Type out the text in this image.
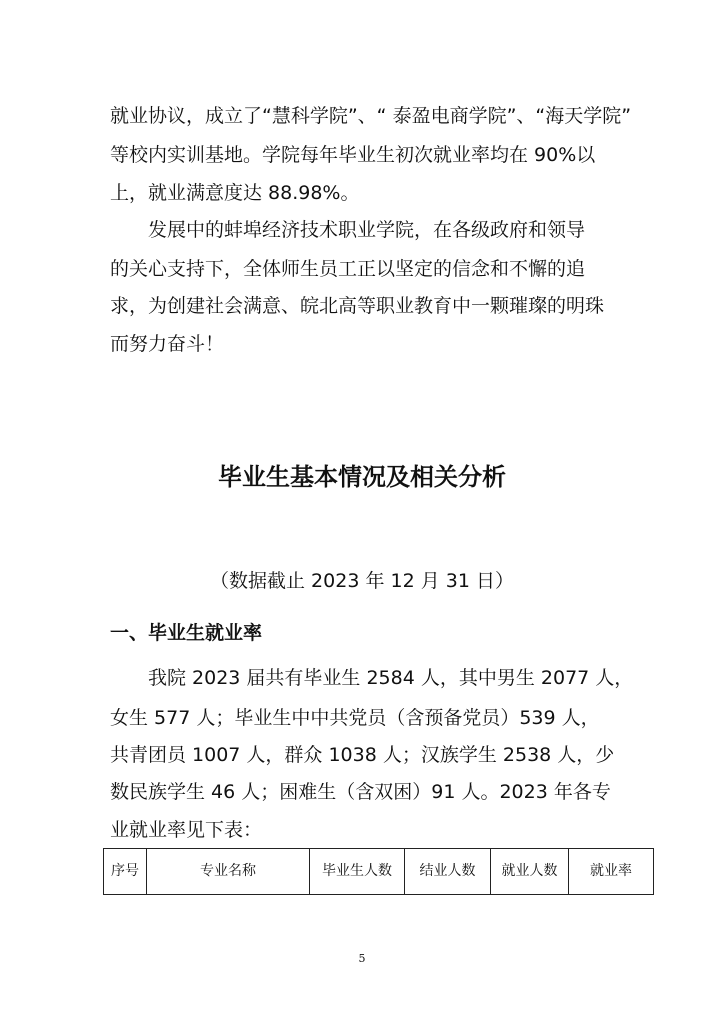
就业协议，成立了“慧科学院”、“ 泰盈电商学院”、“海天学院”
等校内实训基地。学院每年毕业生初次就业率均在 90%以
上，就业满意度达 88.98%。
发展中的蚌埠经济技术职业学院，在各级政府和领导
的关心支持下，全体师生员工正以坚定的信念和不懈的追
求，为创建社会满意、皖北高等职业教育中一颗璀璨的明珠
而努力奋斗！
毕业生基本情况及相关分析
（数据截止 2023 年 12 月 31 日）
一、毕业生就业率
我院 2023 届共有毕业生 2584 人，其中男生 2077 人，
女生 577 人；毕业生中中共党员（含预备党员）539 人，
共青团员 1007 人，群众 1038 人；汉族学生 2538 人，少
数民族学生 46 人；困难生（含双困）91 人。2023 年各专
业就业率见下表：
序号	专业名称	毕业生人数	结业人数	就业人数	就业率
5
